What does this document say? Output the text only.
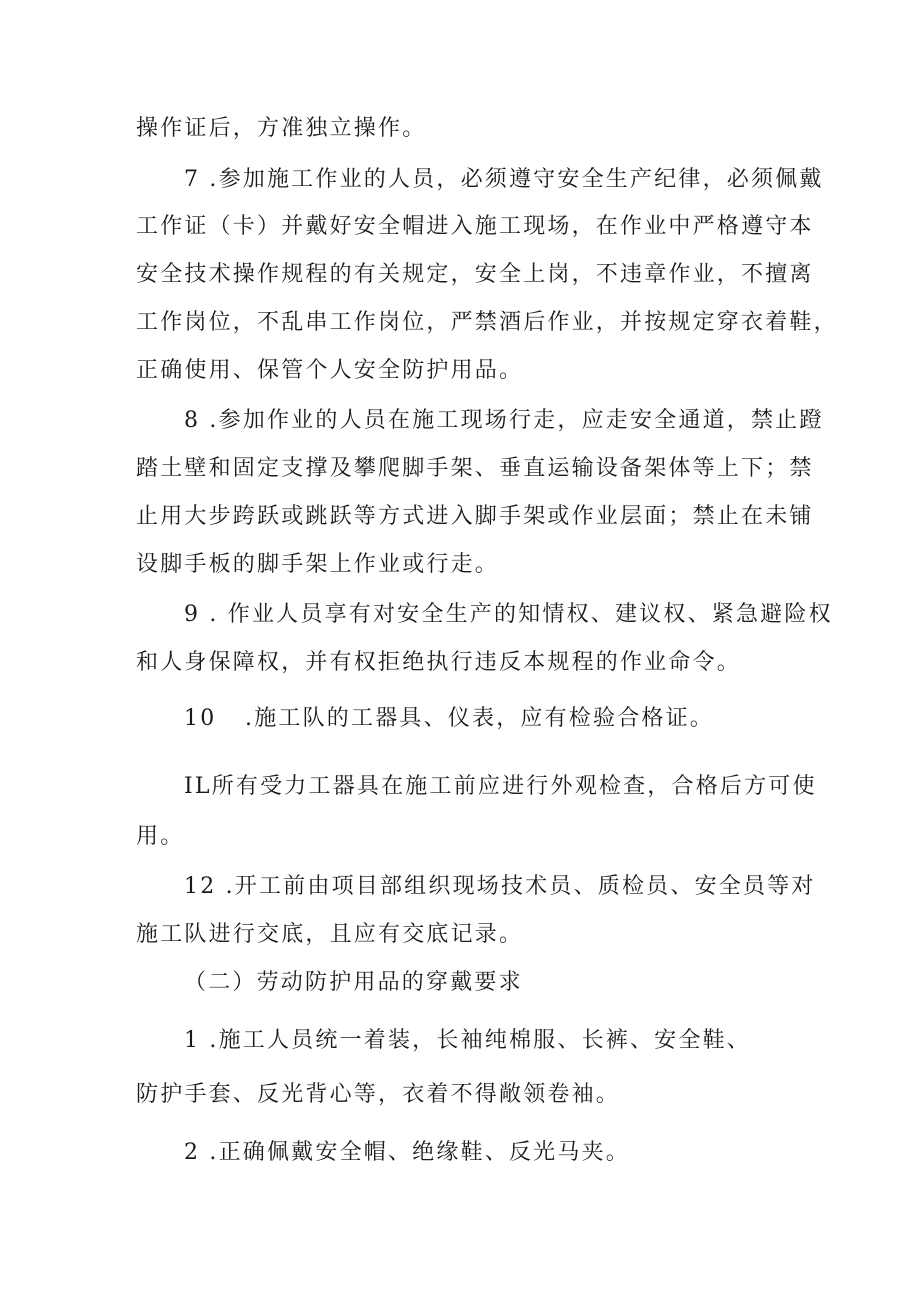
操作证后，方准独立操作。
7 .参加施工作业的人员，必须遵守安全生产纪律，必须佩戴
工作证（卡）并戴好安全帽进入施工现场，在作业中严格遵守本
安全技术操作规程的有关规定，安全上岗，不违章作业，不擅离
工作岗位，不乱串工作岗位，严禁酒后作业，并按规定穿衣着鞋，
正确使用、保管个人安全防护用品。
8 .参加作业的人员在施工现场行走，应走安全通道，禁止蹬
踏土壁和固定支撑及攀爬脚手架、垂直运输设备架体等上下；禁
止用大步跨跃或跳跃等方式进入脚手架或作业层面；禁止在未铺
设脚手板的脚手架上作业或行走。
9 . 作业人员享有对安全生产的知情权、建议权、紧急避险权
和人身保障权，并有权拒绝执行违反本规程的作业命令。
10 .施工队的工器具、仪表，应有检验合格证。
IL所有受力工器具在施工前应进行外观检查，合格后方可使
用。
12 .开工前由项目部组织现场技术员、质检员、安全员等对
施工队进行交底，且应有交底记录。
（二）劳动防护用品的穿戴要求
1 .施工人员统一着装，长袖纯棉服、长裤、安全鞋、
防护手套、反光背心等，衣着不得敞领卷袖。
2 .正确佩戴安全帽、绝缘鞋、反光马夹。
